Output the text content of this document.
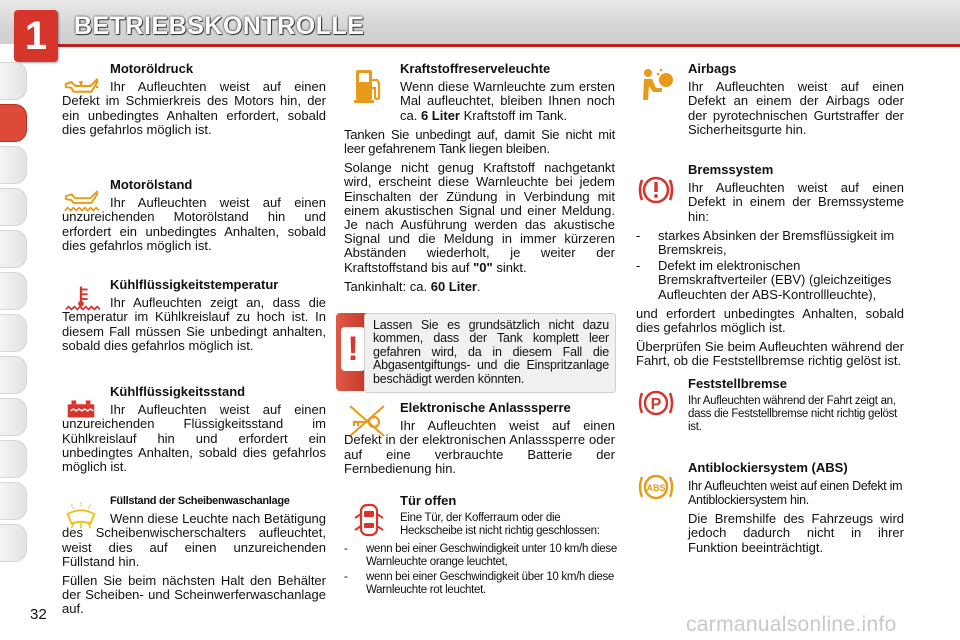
1	BETRIEBSKONTROLLE
Motoröldruck

Ihr Aufleuchten weist auf einen Defekt im Schmierkreis des Motors hin, der ein unbedingtes Anhalten erfordert, sobald dies gefahrlos möglich ist.

Motorölstand

Ihr Aufleuchten weist auf einen unzureichenden Motorölstand hin und erfordert ein unbedingtes Anhalten, sobald dies gefahrlos möglich ist.

Kühlflüssigkeitstemperatur

Ihr Aufleuchten zeigt an, dass die Temperatur im Kühlkreislauf zu hoch ist. In diesem Fall müssen Sie unbedingt anhalten, sobald dies gefahrlos möglich ist.

Kühlflüssigkeitsstand

Ihr Aufleuchten weist auf einen unzureichenden Flüssigkeitsstand im Kühlkreislauf hin und erfordert ein unbedingtes Anhalten, sobald dies gefahrlos möglich ist.

Füllstand der Scheibenwaschanlage

Wenn diese Leuchte nach Betätigung des Scheibenwischerschalters aufleuchtet, weist dies auf einen unzureichenden Füllstand hin.

Füllen Sie beim nächsten Halt den Behälter der Scheiben- und Scheinwerferwaschanlage auf.

Kraftstoffreserveleuchte

Wenn diese Warnleuchte zum ersten Mal aufleuchtet, bleiben Ihnen noch ca. 6 Liter Kraftstoff im Tank.

Tanken Sie unbedingt auf, damit Sie nicht mit leer gefahrenem Tank liegen bleiben.

Solange nicht genug Kraftstoff nachgetankt wird, erscheint diese Warnleuchte bei jedem Einschalten der Zündung in Verbindung mit einem akustischen Signal und einer Meldung. Je nach Ausführung werden das akustische Signal und die Meldung in immer kürzeren Abständen wiederholt, je weiter der Kraftstoffstand bis auf "0" sinkt.

Tankinhalt: ca. 60 Liter.

!
Lassen Sie es grundsätzlich nicht dazu kommen, dass der Tank komplett leer gefahren wird, da in diesem Fall die Abgasentgiftungs- und die Einspritzanlage beschädigt werden könnten.
Elektronische Anlasssperre

Ihr Aufleuchten weist auf einen Defekt in der elektronischen Anlasssperre oder auf eine verbrauchte Batterie der Fernbedienung hin.

Tür offen

Eine Tür, der Kofferraum oder die Heckscheibe ist nicht richtig geschlossen:

- wenn bei einer Geschwindigkeit unter 10 km/h diese Warnleuchte orange leuchtet,
- wenn bei einer Geschwindigkeit über 10 km/h diese Warnleuchte rot leuchtet.
Airbags

Ihr Aufleuchten weist auf einen Defekt an einem der Airbags oder der pyrotechnischen Gurtstraffer der Sicherheitsgurte hin.

Bremssystem

Ihr Aufleuchten weist auf einen Defekt in einem der Bremssysteme hin:

- starkes Absinken der Bremsflüssigkeit im Bremskreis,
- Defekt im elektronischen Bremskraftverteiler (EBV) (gleichzeitiges Aufleuchten der ABS-Kontrollleuchte),

und erfordert unbedingtes Anhalten, sobald dies gefahrlos möglich ist.

Überprüfen Sie beim Aufleuchten während der Fahrt, ob die Feststellbremse richtig gelöst ist.

P
Feststellbremse

Ihr Aufleuchten während der Fahrt zeigt an, dass die Feststellbremse nicht richtig gelöst ist.

ABS
Antiblockiersystem (ABS)

Ihr Aufleuchten weist auf einen Defekt im Antiblockiersystem hin.

Die Bremshilfe des Fahrzeugs wird jedoch dadurch nicht in ihrer Funktion beeinträchtigt.

32	carmanualsonline.info
